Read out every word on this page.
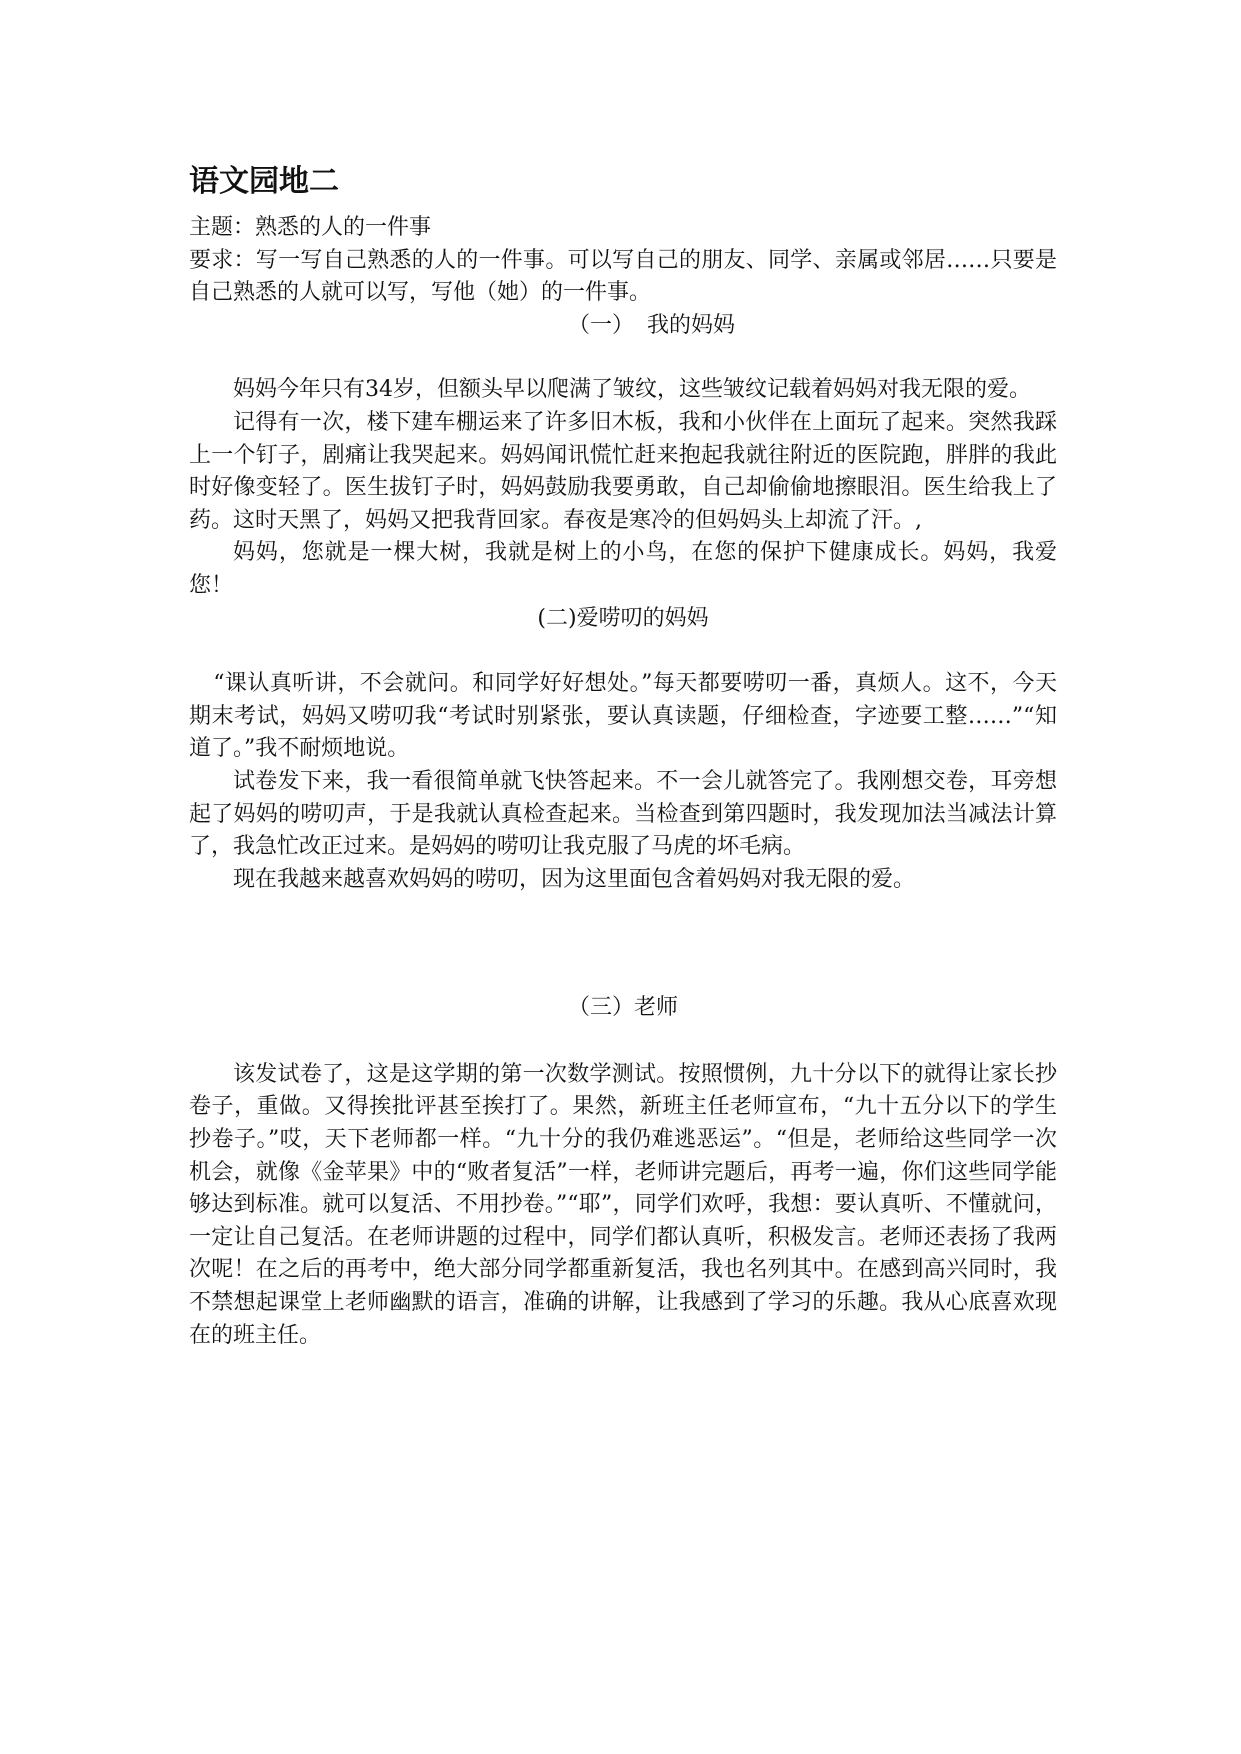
语文园地二

主题：熟悉的人的一件事

要求：写一写自己熟悉的人的一件事。可以写自己的朋友、同学、亲属或邻居……只要是自己熟悉的人就可以写，写他（她）的一件事。

（一） 我的妈妈

妈妈今年只有34岁，但额头早以爬满了皱纹，这些皱纹记载着妈妈对我无限的爱。

记得有一次，楼下建车棚运来了许多旧木板，我和小伙伴在上面玩了起来。突然我踩上一个钉子，剧痛让我哭起来。妈妈闻讯慌忙赶来抱起我就往附近的医院跑，胖胖的我此时好像变轻了。医生拔钉子时，妈妈鼓励我要勇敢，自己却偷偷地擦眼泪。医生给我上了药。这时天黑了，妈妈又把我背回家。春夜是寒冷的但妈妈头上却流了汗。,

妈妈，您就是一棵大树，我就是树上的小鸟，在您的保护下健康成长。妈妈，我爱您！

(二)爱唠叨的妈妈

“课认真听讲，不会就问。和同学好好想处。”每天都要唠叨一番，真烦人。这不，今天期末考试，妈妈又唠叨我“考试时别紧张，要认真读题，仔细检查，字迹要工整……”“知道了。”我不耐烦地说。

试卷发下来，我一看很简单就飞快答起来。不一会儿就答完了。我刚想交卷，耳旁想起了妈妈的唠叨声，于是我就认真检查起来。当检查到第四题时，我发现加法当减法计算了，我急忙改正过来。是妈妈的唠叨让我克服了马虎的坏毛病。

现在我越来越喜欢妈妈的唠叨，因为这里面包含着妈妈对我无限的爱。

（三）老师

该发试卷了，这是这学期的第一次数学测试。按照惯例，九十分以下的就得让家长抄卷子，重做。又得挨批评甚至挨打了。果然，新班主任老师宣布，“九十五分以下的学生抄卷子。”哎，天下老师都一样。“九十分的我仍难逃恶运”。“但是，老师给这些同学一次机会，就像《金苹果》中的“败者复活”一样，老师讲完题后，再考一遍，你们这些同学能够达到标准。就可以复活、不用抄卷。”“耶”，同学们欢呼，我想：要认真听、不懂就问，一定让自己复活。在老师讲题的过程中，同学们都认真听，积极发言。老师还表扬了我两次呢！在之后的再考中，绝大部分同学都重新复活，我也名列其中。在感到高兴同时，我不禁想起课堂上老师幽默的语言，准确的讲解，让我感到了学习的乐趣。我从心底喜欢现在的班主任。
